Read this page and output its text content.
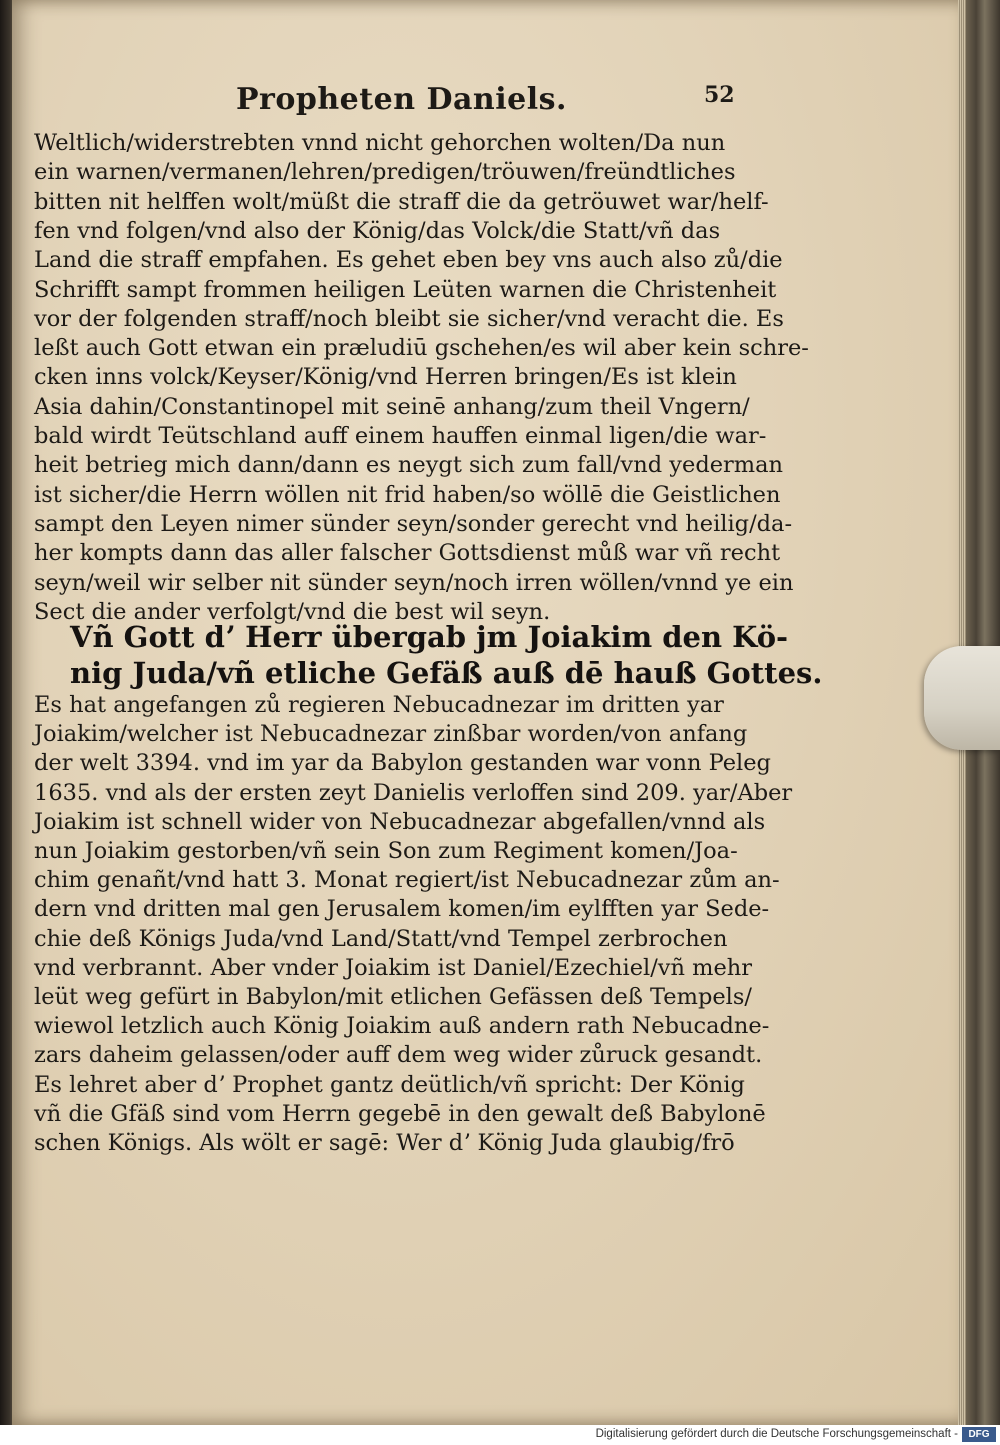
Propheten Daniels.	52
Weltlich/widerstrebten vnnd nicht gehorchen wolten/Da nun
ein warnen/vermanen/lehren/predigen/tröuwen/freündtliches
bitten nit helffen wolt/müßt die straff die da getröuwet war/helf-
fen vnd folgen/vnd also der König/das Volck/die Statt/vñ das
Land die straff empfahen. Es gehet eben bey vns auch also zů/die
Schrifft sampt frommen heiligen Leüten warnen die Christenheit
vor der folgenden straff/noch bleibt sie sicher/vnd veracht die. Es
leßt auch Gott etwan ein præludiū gschehen/es wil aber kein schre-
cken inns volck/Keyser/König/vnd Herren bringen/Es ist klein
Asia dahin/Constantinopel mit seinē anhang/zum theil Vngern/
bald wirdt Teütschland auff einem hauffen einmal ligen/die war-
heit betrieg mich dann/dann es neygt sich zum fall/vnd yederman
ist sicher/die Herrn wöllen nit frid haben/so wöllē die Geistlichen
sampt den Leyen nimer sünder seyn/sonder gerecht vnd heilig/da-
her kompts dann das aller falscher Gottsdienst můß war vñ recht
seyn/weil wir selber nit sünder seyn/noch irren wöllen/vnnd ye ein
Sect die ander verfolgt/vnd die best wil seyn.
Vñ Gott dʼ Herr übergab jm Joiakim den Kö-
nig Juda/vñ etliche Gefäß auß dē hauß Gottes.
Es hat angefangen zů regieren Nebucadnezar im dritten yar
Joiakim/welcher ist Nebucadnezar zinßbar worden/von anfang
der welt 3394. vnd im yar da Babylon gestanden war vonn Peleg
1635. vnd als der ersten zeyt Danielis verloffen sind 209. yar/Aber
Joiakim ist schnell wider von Nebucadnezar abgefallen/vnnd als
nun Joiakim gestorben/vñ sein Son zum Regiment komen/Joa-
chim genañt/vnd hatt 3. Monat regiert/ist Nebucadnezar zům an-
dern vnd dritten mal gen Jerusalem komen/im eylfften yar Sede-
chie deß Königs Juda/vnd Land/Statt/vnd Tempel zerbrochen
vnd verbrannt. Aber vnder Joiakim ist Daniel/Ezechiel/vñ mehr
leüt weg gefürt in Babylon/mit etlichen Gefässen deß Tempels/
wiewol letzlich auch König Joiakim auß andern rath Nebucadne-
zars daheim gelassen/oder auff dem weg wider zůruck gesandt.
Es lehret aber dʼ Prophet gantz deütlich/vñ spricht: Der König
vñ die Gfäß sind vom Herrn gegebē in den gewalt deß Babylonē
schen Königs. Als wölt er sagē: Wer dʼ König Juda glaubig/frō
Digitalisierung gefördert durch die Deutsche Forschungsgemeinschaft -	DFG
